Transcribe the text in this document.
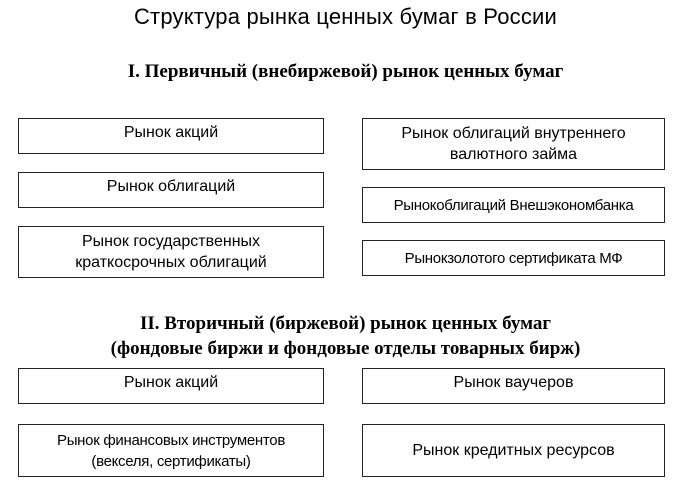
Структура рынка ценных бумаг в России
I. Первичный (внебиржевой) рынок ценных бумаг
Рынок акций
Рынок облигаций
Рынок государственных краткосрочных облигаций
Рынок облигаций внутреннего валютного займа
Рынокоблигаций Внешэкономбанка
Рынокзолотого сертификата МФ
II. Вторичный (биржевой) рынок ценных бумаг
(фондовые биржи и фондовые отделы товарных бирж)
Рынок акций
Рынок финансовых инструментов (векселя, сертификаты)
Рынок ваучеров
Рынок кредитных ресурсов
